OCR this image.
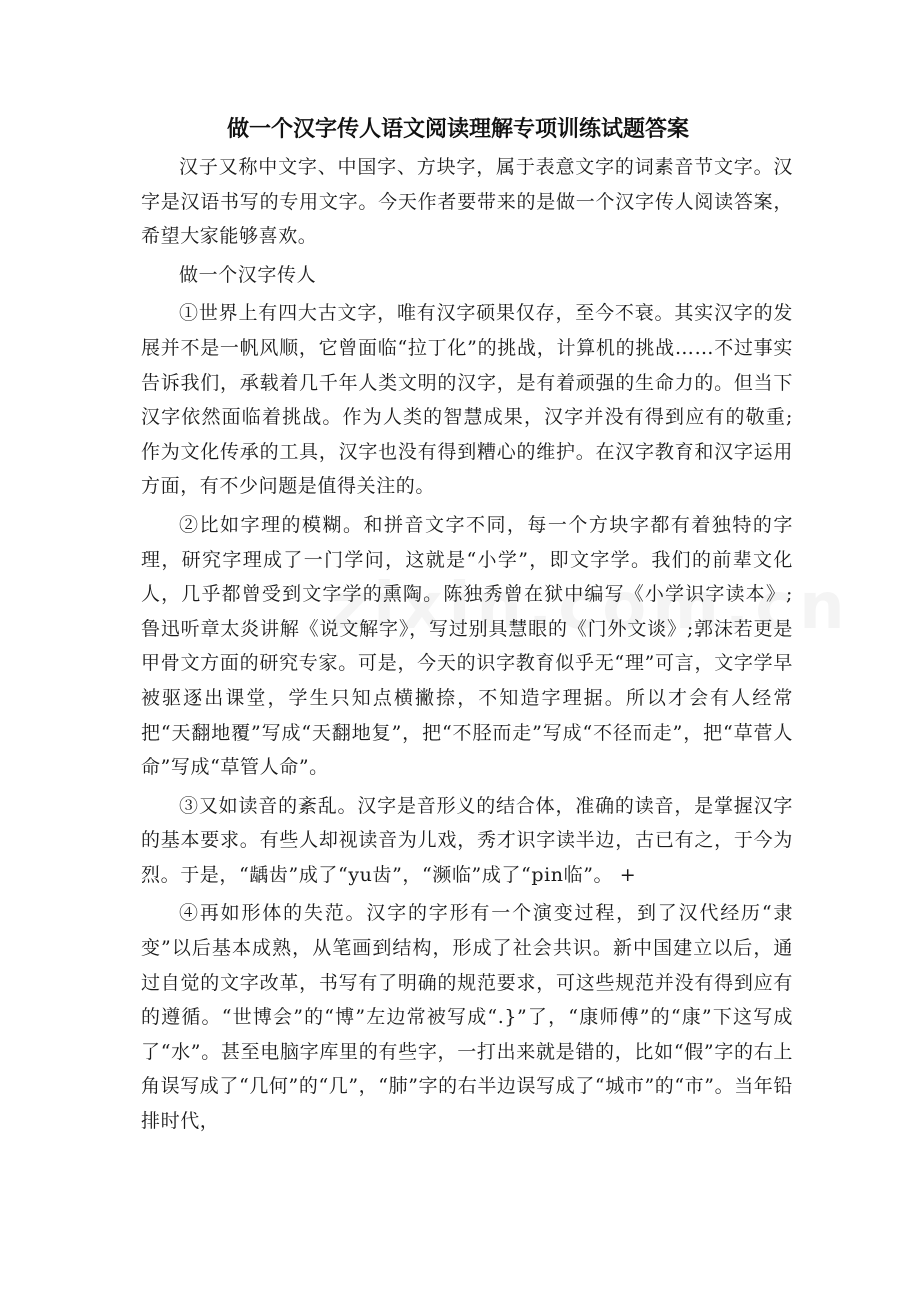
做一个汉字传人语文阅读理解专项训练试题答案

汉子又称中文字、中国字、方块字，属于表意文字的词素音节文字。汉字是汉语书写的专用文字。今天作者要带来的是做一个汉字传人阅读答案，希望大家能够喜欢。

做一个汉字传人

①世界上有四大古文字，唯有汉字硕果仅存，至今不衰。其实汉字的发展并不是一帆风顺，它曾面临“拉丁化”的挑战，计算机的挑战……不过事实告诉我们，承载着几千年人类文明的汉字，是有着顽强的生命力的。但当下汉字依然面临着挑战。作为人类的智慧成果，汉字并没有得到应有的敬重;作为文化传承的工具，汉字也没有得到糟心的维护。在汉字教育和汉字运用方面，有不少问题是值得关注的。

②比如字理的模糊。和拼音文字不同，每一个方块字都有着独特的字理，研究字理成了一门学问，这就是“小学”，即文字学。我们的前辈文化人，几乎都曾受到文字学的熏陶。陈独秀曾在狱中编写《小学识字读本》;鲁迅听章太炎讲解《说文解字》，写过别具慧眼的《门外文谈》;郭沫若更是甲骨文方面的研究专家。可是，今天的识字教育似乎无“理”可言，文字学早被驱逐出课堂，学生只知点横撇捺，不知造字理据。所以才会有人经常把“天翻地覆”写成“天翻地复”，把“不胫而走”写成“不径而走”，把“草菅人命”写成“草管人命”。

③又如读音的紊乱。汉字是音形义的结合体，准确的读音，是掌握汉字的基本要求。有些人却视读音为儿戏，秀才识字读半边，古已有之，于今为烈。于是，“龋齿”成了“yu齿”，“濒临”成了“pin临”。 +

④再如形体的失范。汉字的字形有一个演变过程，到了汉代经历“隶变”以后基本成熟，从笔画到结构，形成了社会共识。新中国建立以后，通过自觉的文字改革，书写有了明确的规范要求，可这些规范并没有得到应有的遵循。“世博会”的“博”左边常被写成“.}”了，“康师傅”的“康”下这写成了“水”。甚至电脑字库里的有些字，一打出来就是错的，比如“假”字的右上角误写成了“几何”的“几”，“肺”字的右半边误写成了“城市”的“市”。当年铅排时代，
